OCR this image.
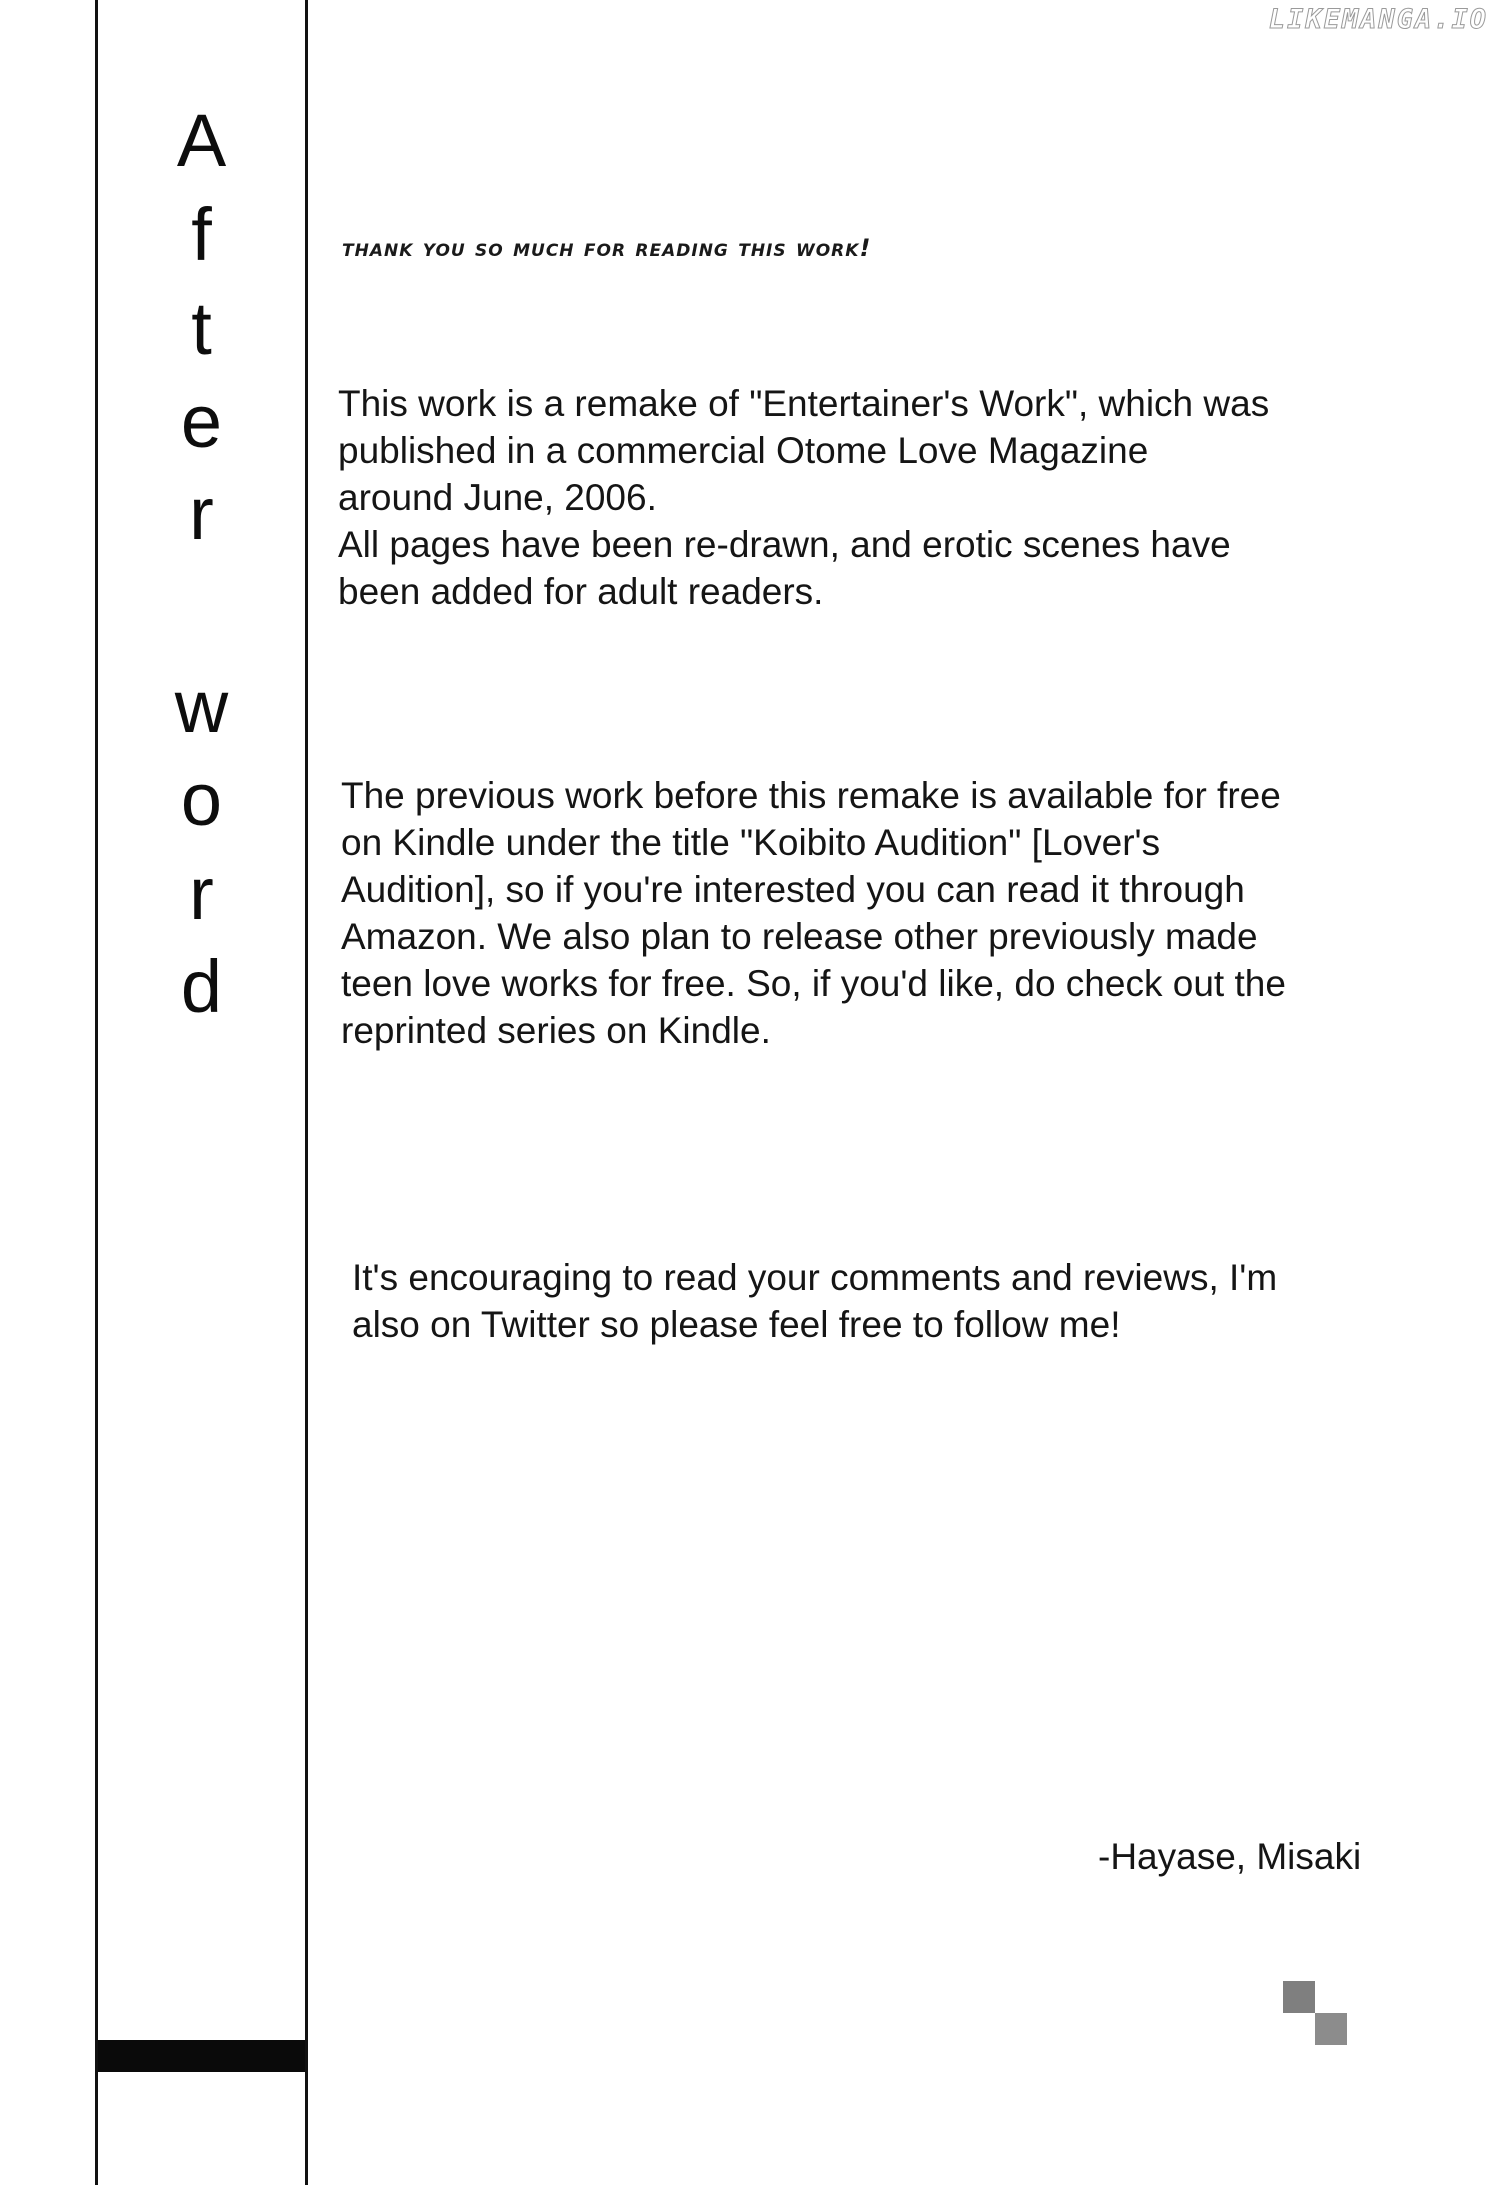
LIKEMANGA.IO
A
f
t
e
r
w
o
r
d
thank you so much for reading this work!

This work is a remake of "Entertainer's Work", which was

published in a commercial Otome Love Magazine

around June, 2006.

All pages have been re-drawn, and erotic scenes have

been added for adult readers.

The previous work before this remake is available for free

on Kindle under the title "Koibito Audition" [Lover's

Audition], so if you're interested you can read it through

Amazon. We also plan to release other previously made

teen love works for free. So, if you'd like, do check out the

reprinted series on Kindle.

It's encouraging to read your comments and reviews, I'm

also on Twitter so please feel free to follow me!

-Hayase, Misaki
